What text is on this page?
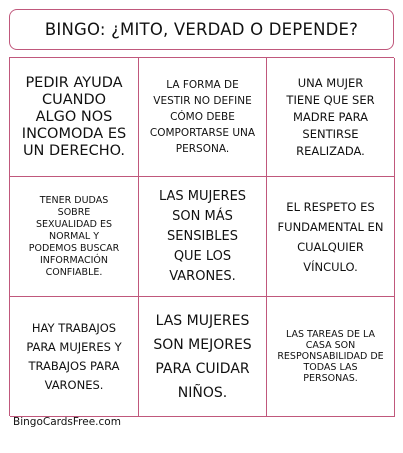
BINGO: ¿MITO, VERDAD O DEPENDE?
PEDIR AYUDA CUANDO ALGO NOS INCOMODA ES UN DERECHO.
LA FORMA DE VESTIR NO DEFINE CÓMO DEBE COMPORTARSE UNA PERSONA.
UNA MUJER TIENE QUE SER MADRE PARA SENTIRSE REALIZADA.
TENER DUDAS SOBRE SEXUALIDAD ES NORMAL Y PODEMOS BUSCAR INFORMACIÓN CONFIABLE.
LAS MUJERES SON MÁS SENSIBLES QUE LOS VARONES.
EL RESPETO ES FUNDAMENTAL EN CUALQUIER VÍNCULO.
HAY TRABAJOS PARA MUJERES Y TRABAJOS PARA VARONES.
LAS MUJERES SON MEJORES PARA CUIDAR NIÑOS.
LAS TAREAS DE LA CASA SON RESPONSABILIDAD DE TODAS LAS PERSONAS.
BingoCardsFree.com
